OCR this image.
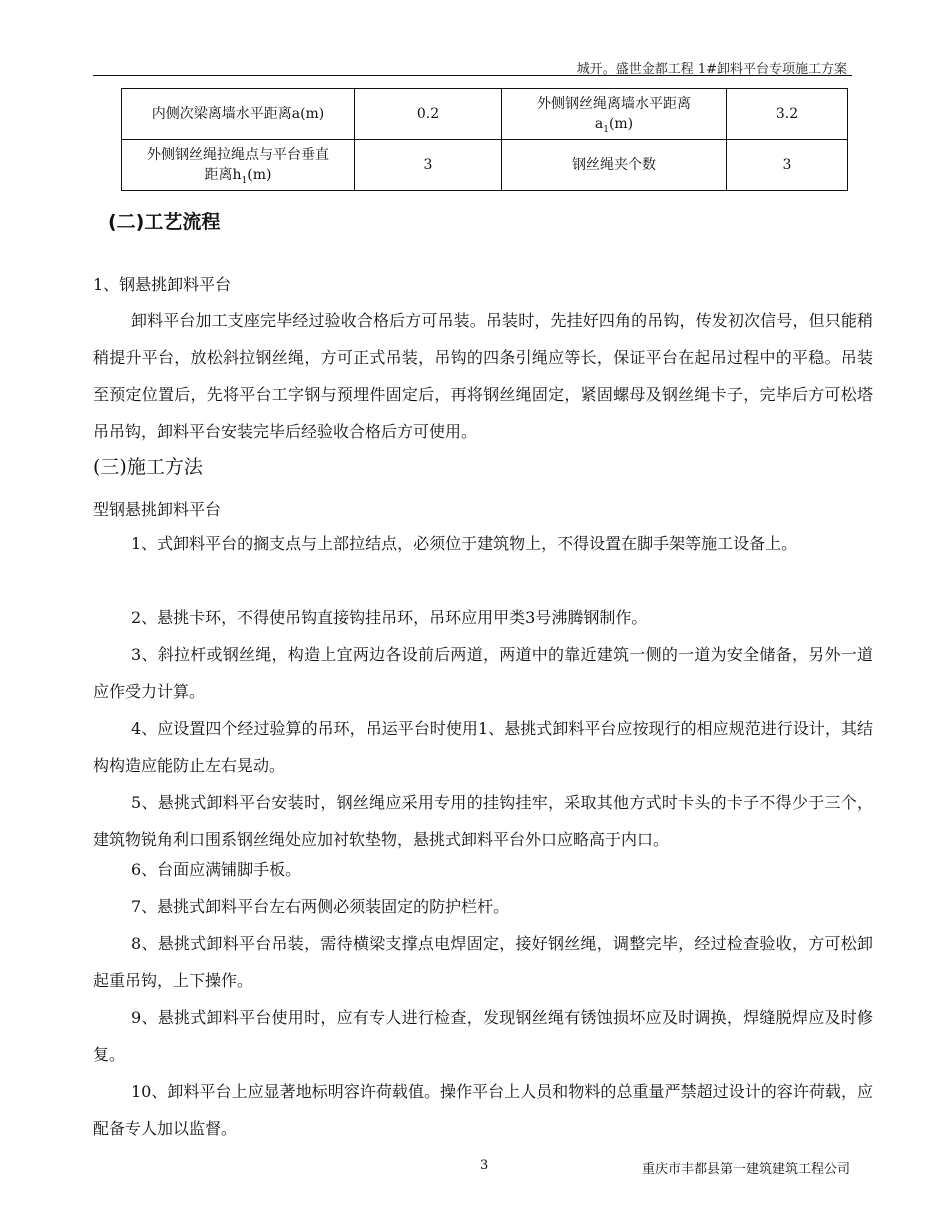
城开。盛世金都工程 1#卸料平台专项施工方案
内侧次梁离墙水平距离a(m)	0.2	外侧钢丝绳离墙水平距离
$a_1(m)$	3.2
外侧钢丝绳拉绳点与平台垂直
距离$h_1(m)$	3	钢丝绳夹个数	3
(二)工艺流程
1、钢悬挑卸料平台
卸料平台加工支座完毕经过验收合格后方可吊装。吊装时，先挂好四角的吊钩，传发初次信号，但只能稍稍提升平台，放松斜拉钢丝绳，方可正式吊装，吊钩的四条引绳应等长，保证平台在起吊过程中的平稳。吊装至预定位置后，先将平台工字钢与预埋件固定后，再将钢丝绳固定，紧固螺母及钢丝绳卡子，完毕后方可松塔吊吊钩，卸料平台安装完毕后经验收合格后方可使用。
(三)施工方法
型钢悬挑卸料平台
1、式卸料平台的搁支点与上部拉结点，必须位于建筑物上，不得设置在脚手架等施工设备上。
2、悬挑卡环，不得使吊钩直接钩挂吊环，吊环应用甲类3号沸腾钢制作。
3、斜拉杆或钢丝绳，构造上宜两边各设前后两道，两道中的靠近建筑一侧的一道为安全储备，另外一道应作受力计算。
4、应设置四个经过验算的吊环，吊运平台时使用1、悬挑式卸料平台应按现行的相应规范进行设计，其结构构造应能防止左右晃动。
5、悬挑式卸料平台安装时，钢丝绳应采用专用的挂钩挂牢，采取其他方式时卡头的卡子不得少于三个，建筑物锐角利口围系钢丝绳处应加衬软垫物，悬挑式卸料平台外口应略高于内口。
6、台面应满铺脚手板。
7、悬挑式卸料平台左右两侧必须装固定的防护栏杆。
8、悬挑式卸料平台吊装，需待横梁支撑点电焊固定，接好钢丝绳，调整完毕，经过检查验收，方可松卸起重吊钩，上下操作。
9、悬挑式卸料平台使用时，应有专人进行检查，发现钢丝绳有锈蚀损坏应及时调换，焊缝脱焊应及时修复。
10、卸料平台上应显著地标明容许荷载值。操作平台上人员和物料的总重量严禁超过设计的容许荷载，应配备专人加以监督。
3	重庆市丰都县第一建筑建筑工程公司
